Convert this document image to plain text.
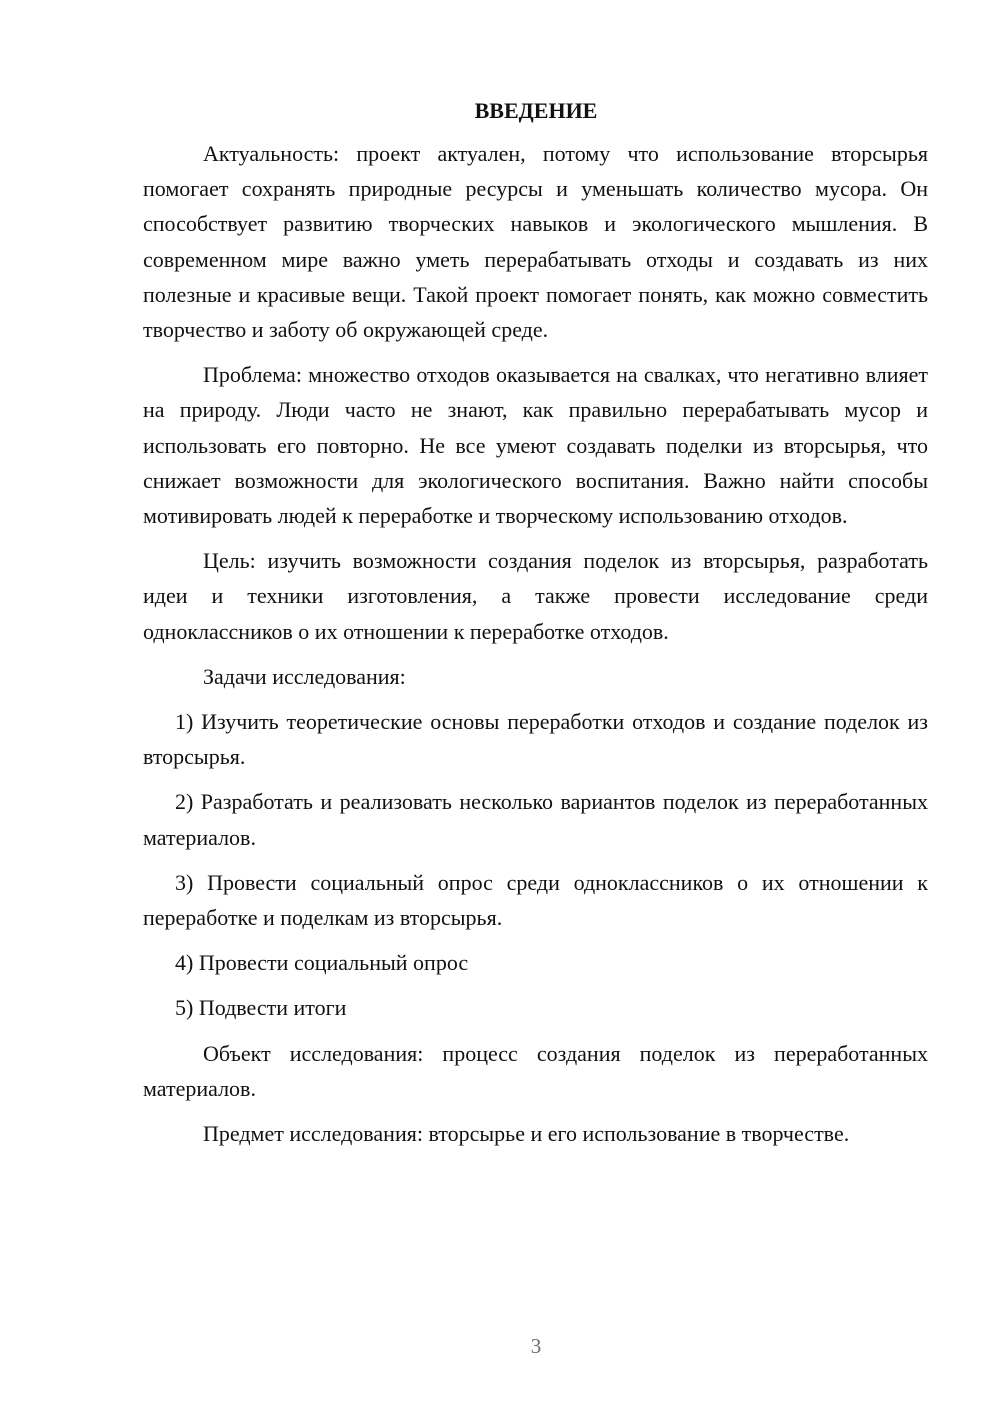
ВВЕДЕНИЕ

Актуальность: проект актуален, потому что использование вторсырья помогает сохранять природные ресурсы и уменьшать количество мусора. Он способствует развитию творческих навыков и экологического мышления. В современном мире важно уметь перерабатывать отходы и создавать из них полезные и красивые вещи. Такой проект помогает понять, как можно совместить творчество и заботу об окружающей среде.

Проблема: множество отходов оказывается на свалках, что негативно влияет на природу. Люди часто не знают, как правильно перерабатывать мусор и использовать его повторно. Не все умеют создавать поделки из вторсырья, что снижает возможности для экологического воспитания. Важно найти способы мотивировать людей к переработке и творческому использованию отходов.

Цель: изучить возможности создания поделок из вторсырья, разработать идеи и техники изготовления, а также провести исследование среди одноклассников о их отношении к переработке отходов.

Задачи исследования:

1) Изучить теоретические основы переработки отходов и создание поделок из вторсырья.

2) Разработать и реализовать несколько вариантов поделок из переработанных материалов.

3) Провести социальный опрос среди одноклассников о их отношении к переработке и поделкам из вторсырья.

4) Провести социальный опрос

5) Подвести итоги

Объект исследования: процесс создания поделок из переработанных материалов.

Предмет исследования: вторсырье и его использование в творчестве.

3
